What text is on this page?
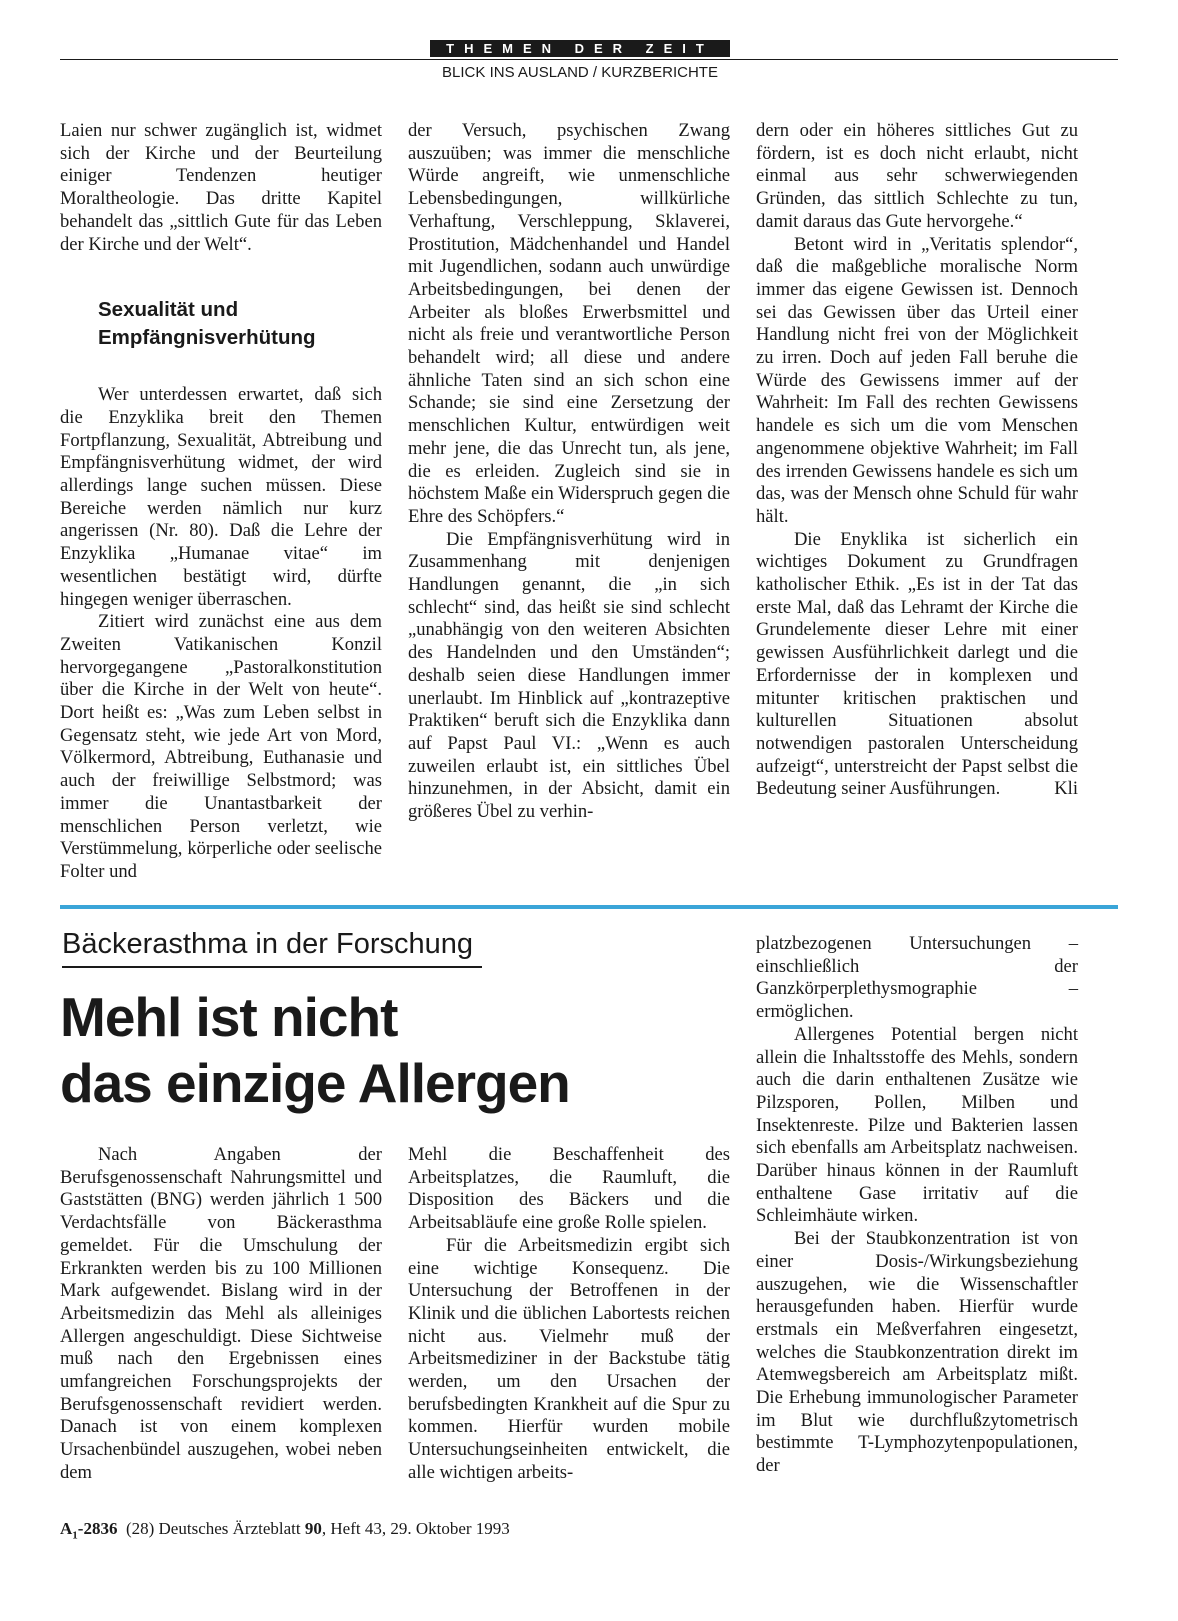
THEMEN DER ZEIT
BLICK INS AUSLAND / KURZBERICHTE

Laien nur schwer zugänglich ist, widmet sich der Kirche und der Beurteilung einiger Tendenzen heutiger Moraltheologie. Das dritte Kapitel behandelt das „sittlich Gute für das Leben der Kirche und der Welt“.

Sexualität und Empfängnisverhütung

Wer unterdessen erwartet, daß sich die Enzyklika breit den Themen Fortpflanzung, Sexualität, Abtreibung und Empfängnisverhütung widmet, der wird allerdings lange suchen müssen. Diese Bereiche werden nämlich nur kurz angerissen (Nr. 80). Daß die Lehre der Enzyklika „Humanae vitae“ im wesentlichen bestätigt wird, dürfte hingegen weniger überraschen.

Zitiert wird zunächst eine aus dem Zweiten Vatikanischen Konzil hervorgegangene „Pastoralkonstitution über die Kirche in der Welt von heute“. Dort heißt es: „Was zum Leben selbst in Gegensatz steht, wie jede Art von Mord, Völkermord, Abtreibung, Euthanasie und auch der freiwillige Selbstmord; was immer die Unantastbarkeit der menschlichen Person verletzt, wie Verstümmelung, körperliche oder seelische Folter und

der Versuch, psychischen Zwang auszuüben; was immer die menschliche Würde angreift, wie unmenschliche Lebensbedingungen, willkürliche Verhaftung, Verschleppung, Sklaverei, Prostitution, Mädchenhandel und Handel mit Jugendlichen, sodann auch unwürdige Arbeitsbedingungen, bei denen der Arbeiter als bloßes Erwerbsmittel und nicht als freie und verantwortliche Person behandelt wird; all diese und andere ähnliche Taten sind an sich schon eine Schande; sie sind eine Zersetzung der menschlichen Kultur, entwürdigen weit mehr jene, die das Unrecht tun, als jene, die es erleiden. Zugleich sind sie in höchstem Maße ein Widerspruch gegen die Ehre des Schöpfers.“

Die Empfängnisverhütung wird in Zusammenhang mit denjenigen Handlungen genannt, die „in sich schlecht“ sind, das heißt sie sind schlecht „unabhängig von den weiteren Absichten des Handelnden und den Umständen“; deshalb seien diese Handlungen immer unerlaubt. Im Hinblick auf „kontrazeptive Praktiken“ beruft sich die Enzyklika dann auf Papst Paul VI.: „Wenn es auch zuweilen erlaubt ist, ein sittliches Übel hinzunehmen, in der Absicht, damit ein größeres Übel zu verhin-

dern oder ein höheres sittliches Gut zu fördern, ist es doch nicht erlaubt, nicht einmal aus sehr schwerwiegenden Gründen, das sittlich Schlechte zu tun, damit daraus das Gute hervorgehe.“

Betont wird in „Veritatis splendor“, daß die maßgebliche moralische Norm immer das eigene Gewissen ist. Dennoch sei das Gewissen über das Urteil einer Handlung nicht frei von der Möglichkeit zu irren. Doch auf jeden Fall beruhe die Würde des Gewissens immer auf der Wahrheit: Im Fall des rechten Gewissens handele es sich um die vom Menschen angenommene objektive Wahrheit; im Fall des irrenden Gewissens handele es sich um das, was der Mensch ohne Schuld für wahr hält.

Die Enyklika ist sicherlich ein wichtiges Dokument zu Grundfragen katholischer Ethik. „Es ist in der Tat das erste Mal, daß das Lehramt der Kirche die Grundelemente dieser Lehre mit einer gewissen Ausführlichkeit darlegt und die Erfordernisse der in komplexen und mitunter kritischen praktischen und kulturellen Situationen absolut notwendigen pastoralen Unterscheidung aufzeigt“, unterstreicht der Papst selbst die Bedeutung seiner Ausführungen.	Kli

Bäckerasthma in der Forschung
Mehl ist nicht
das einzige Allergen

Nach Angaben der Berufsgenossenschaft Nahrungsmittel und Gaststätten (BNG) werden jährlich 1 500 Verdachtsfälle von Bäckerasthma gemeldet. Für die Umschulung der Erkrankten werden bis zu 100 Millionen Mark aufgewendet. Bislang wird in der Arbeitsmedizin das Mehl als alleiniges Allergen angeschuldigt. Diese Sichtweise muß nach den Ergebnissen eines umfangreichen Forschungsprojekts der Berufsgenossenschaft revidiert werden. Danach ist von einem komplexen Ursachenbündel auszugehen, wobei neben dem

Mehl die Beschaffenheit des Arbeitsplatzes, die Raumluft, die Disposition des Bäckers und die Arbeitsabläufe eine große Rolle spielen.

Für die Arbeitsmedizin ergibt sich eine wichtige Konsequenz. Die Untersuchung der Betroffenen in der Klinik und die üblichen Labortests reichen nicht aus. Vielmehr muß der Arbeitsmediziner in der Backstube tätig werden, um den Ursachen der berufsbedingten Krankheit auf die Spur zu kommen. Hierfür wurden mobile Untersuchungseinheiten entwickelt, die alle wichtigen arbeits-

platzbezogenen Untersuchungen – einschließlich der Ganzkörperplethysmographie – ermöglichen.

Allergenes Potential bergen nicht allein die Inhaltsstoffe des Mehls, sondern auch die darin enthaltenen Zusätze wie Pilzsporen, Pollen, Milben und Insektenreste. Pilze und Bakterien lassen sich ebenfalls am Arbeitsplatz nachweisen. Darüber hinaus können in der Raumluft enthaltene Gase irritativ auf die Schleimhäute wirken.

Bei der Staubkonzentration ist von einer Dosis-/Wirkungsbeziehung auszugehen, wie die Wissenschaftler herausgefunden haben. Hierfür wurde erstmals ein Meßverfahren eingesetzt, welches die Staubkonzentration direkt im Atemwegsbereich am Arbeitsplatz mißt. Die Erhebung immunologischer Parameter im Blut wie durchflußzytometrisch bestimmte T-Lymphozytenpopulationen, der

$A_1-2836$ (28) Deutsches Ärzteblatt 90, Heft 43, 29. Oktober 1993
